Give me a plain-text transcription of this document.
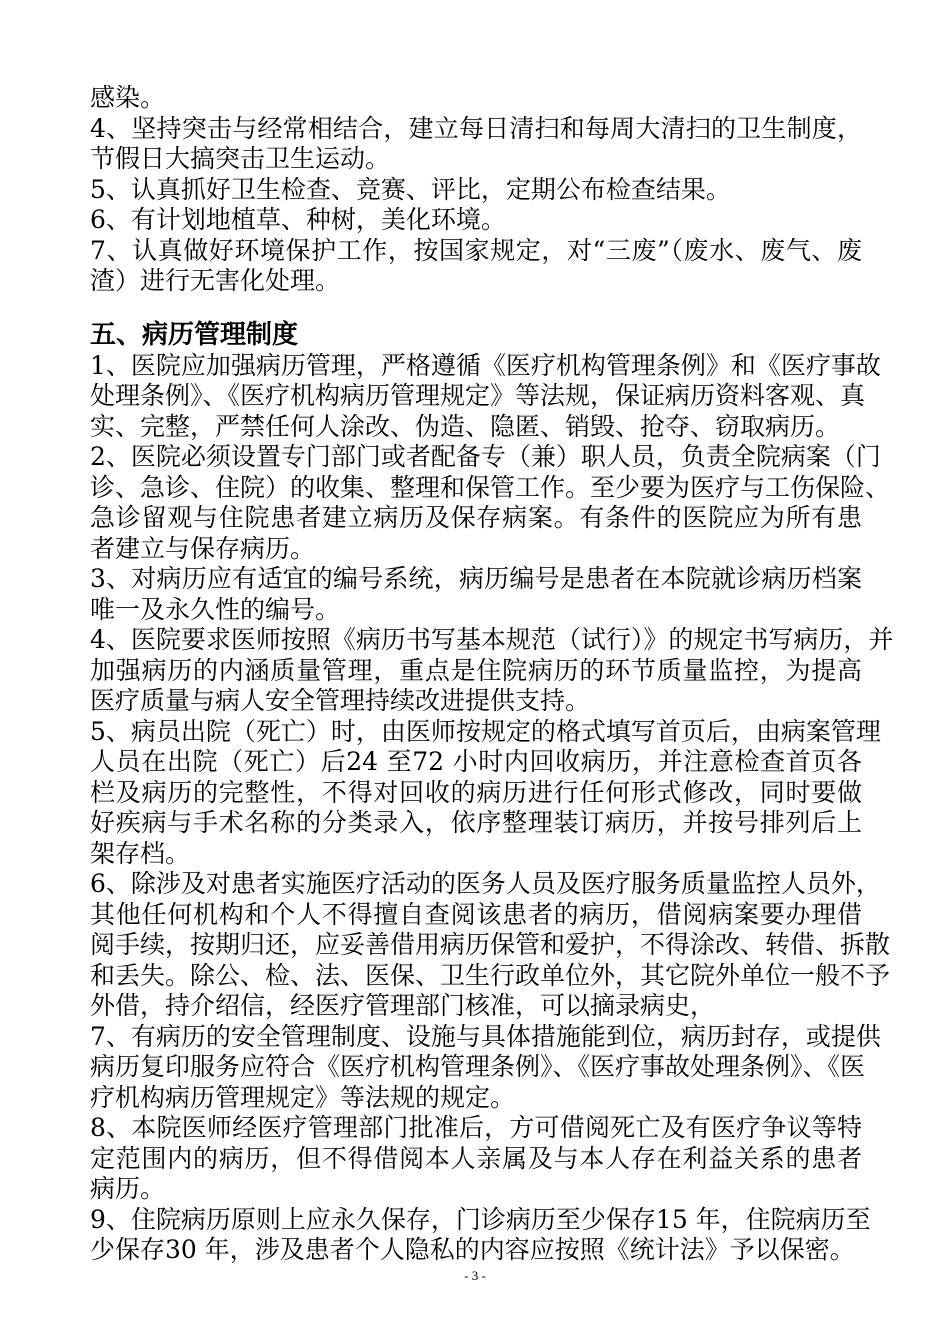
感染。
4、坚持突击与经常相结合，建立每日清扫和每周大清扫的卫生制度，
节假日大搞突击卫生运动。
5、认真抓好卫生检查、竞赛、评比，定期公布检查结果。
6、有计划地植草、种树，美化环境。
7、认真做好环境保护工作，按国家规定，对“三废”（废水、废气、废
渣）进行无害化处理。
五、病历管理制度
1、医院应加强病历管理，严格遵循《医疗机构管理条例》和《医疗事故
处理条例》、《医疗机构病历管理规定》等法规，保证病历资料客观、真
实、完整，严禁任何人涂改、伪造、隐匿、销毁、抢夺、窃取病历。
2、医院必须设置专门部门或者配备专（兼）职人员，负责全院病案（门
诊、急诊、住院）的收集、整理和保管工作。至少要为医疗与工伤保险、
急诊留观与住院患者建立病历及保存病案。有条件的医院应为所有患
者建立与保存病历。
3、对病历应有适宜的编号系统，病历编号是患者在本院就诊病历档案
唯一及永久性的编号。
4、医院要求医师按照《病历书写基本规范（试行）》的规定书写病历，并
加强病历的内涵质量管理，重点是住院病历的环节质量监控，为提高
医疗质量与病人安全管理持续改进提供支持。
5、病员出院（死亡）时，由医师按规定的格式填写首页后，由病案管理
人员在出院（死亡）后24 至72 小时内回收病历，并注意检查首页各
栏及病历的完整性，不得对回收的病历进行任何形式修改，同时要做
好疾病与手术名称的分类录入，依序整理装订病历，并按号排列后上
架存档。
6、除涉及对患者实施医疗活动的医务人员及医疗服务质量监控人员外，
其他任何机构和个人不得擅自查阅该患者的病历，借阅病案要办理借
阅手续，按期归还，应妥善借用病历保管和爱护，不得涂改、转借、拆散
和丢失。除公、检、法、医保、卫生行政单位外，其它院外单位一般不予
外借，持介绍信，经医疗管理部门核准，可以摘录病史，
7、有病历的安全管理制度、设施与具体措施能到位，病历封存，或提供
病历复印服务应符合《医疗机构管理条例》、《医疗事故处理条例》、《医
疗机构病历管理规定》等法规的规定。
8、本院医师经医疗管理部门批准后，方可借阅死亡及有医疗争议等特
定范围内的病历，但不得借阅本人亲属及与本人存在利益关系的患者
病历。
9、住院病历原则上应永久保存，门诊病历至少保存15 年，住院病历至
少保存30 年，涉及患者个人隐私的内容应按照《统计法》予以保密。
- 3 -
